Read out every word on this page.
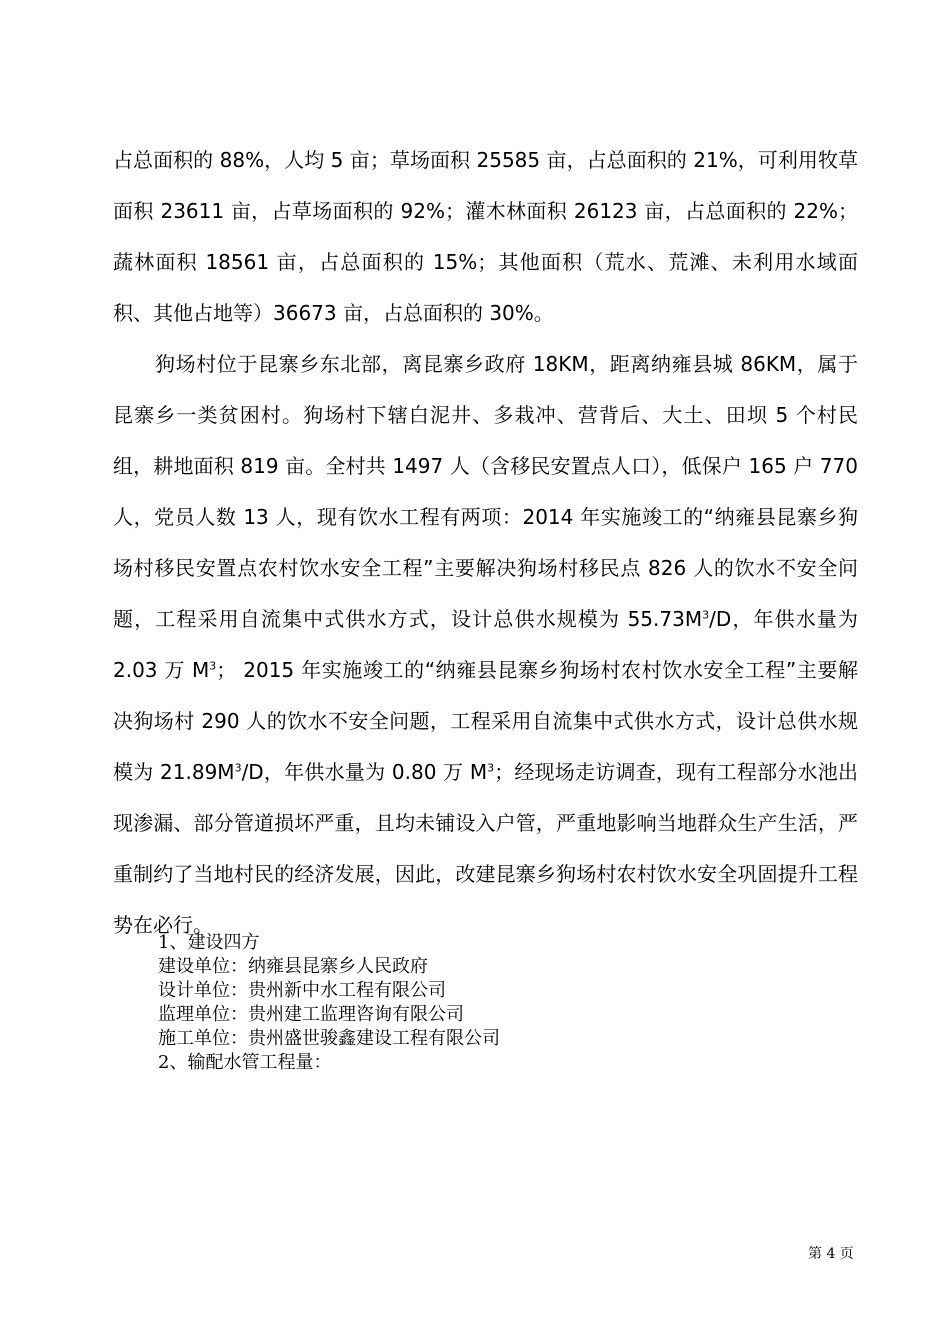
占总面积的 88%，人均 5 亩；草场面积 25585 亩，占总面积的 21%，可利用牧草面积 23611 亩，占草场面积的 92%；灌木林面积 26123 亩，占总面积的 22%；蔬林面积 18561 亩，占总面积的 15%；其他面积（荒水、荒滩、未利用水域面积、其他占地等）36673 亩，占总面积的 30%。

狗场村位于昆寨乡东北部，离昆寨乡政府 18KM，距离纳雍县城 86KM，属于昆寨乡一类贫困村。狗场村下辖白泥井、多栽冲、营背后、大土、田坝 5 个村民组，耕地面积 819 亩。全村共 1497 人（含移民安置点人口），低保户 165 户 770 人，党员人数 13 人，现有饮水工程有两项：2014 年实施竣工的“纳雍县昆寨乡狗场村移民安置点农村饮水安全工程”主要解决狗场村移民点 826 人的饮水不安全问题，工程采用自流集中式供水方式，设计总供水规模为 $55.73M^3/D$，年供水量为 2.03 万 $M^3$； 2015 年实施竣工的“纳雍县昆寨乡狗场村农村饮水安全工程”主要解决狗场村 290 人的饮水不安全问题，工程采用自流集中式供水方式，设计总供水规模为 $21.89M^3/D$，年供水量为 0.80 万 $M^3$；经现场走访调查，现有工程部分水池出现渗漏、部分管道损坏严重，且均未铺设入户管，严重地影响当地群众生产生活，严重制约了当地村民的经济发展，因此，改建昆寨乡狗场村农村饮水安全巩固提升工程势在必行。

1、建设四方
建设单位：纳雍县昆寨乡人民政府
设计单位：贵州新中水工程有限公司
监理单位：贵州建工监理咨询有限公司
施工单位：贵州盛世骏鑫建设工程有限公司
2、输配水管工程量：
第 4 页
